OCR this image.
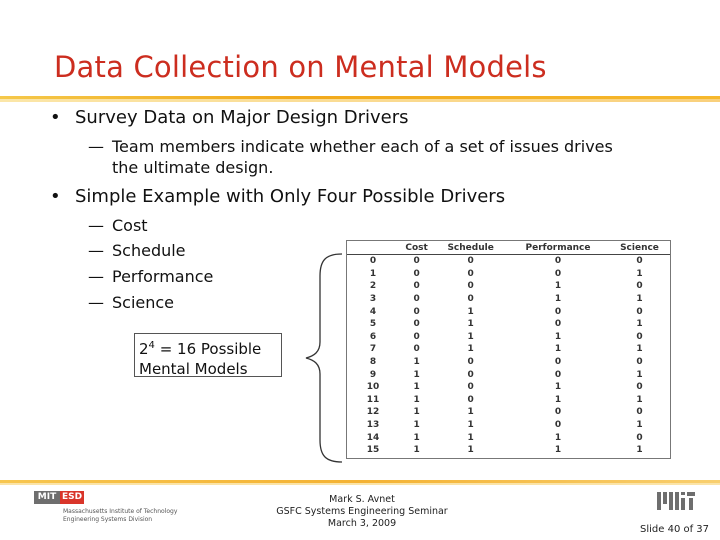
Data Collection on Mental Models
• Survey Data on Major Design Drivers
— Team members indicate whether each of a set of issues drives
the ultimate design.
• Simple Example with Only Four Possible Drivers
— Cost
— Schedule
— Performance
— Science
$2^4 = 16$ Possible
Mental Models
	Cost	Schedule	Performance	Science
0	0	0	0	0
1	0	0	0	1
2	0	0	1	0
3	0	0	1	1
4	0	1	0	0
5	0	1	0	1
6	0	1	1	0
7	0	1	1	1
8	1	0	0	0
9	1	0	0	1
10	1	0	1	0
11	1	0	1	1
12	1	1	0	0
13	1	1	0	1
14	1	1	1	0
15	1	1	1	1
MIT ESD
Massachusetts Institute of Technology
Engineering Systems Division
Mark S. Avnet
GSFC Systems Engineering Seminar
March 3, 2009
Slide 40 of 37
